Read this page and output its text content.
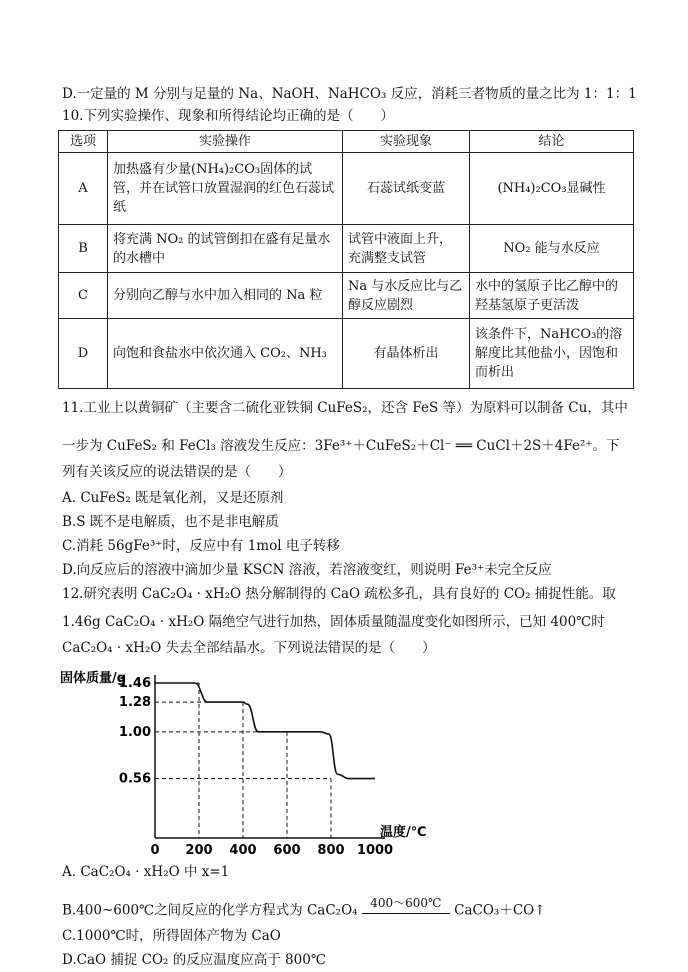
D.一定量的 M 分别与足量的 Na、NaOH、NaHCO₃ 反应，消耗三者物质的量之比为 1：1：1
10.下列实验操作、现象和所得结论均正确的是（　　）
选项	实验操作	实验现象	结论
A	加热盛有少量(NH₄)₂CO₃固体的试管，并在试管口放置湿润的红色石蕊试纸	石蕊试纸变蓝	(NH₄)₂CO₃显碱性
B	将充满 NO₂ 的试管倒扣在盛有足量水的水槽中	试管中液面上升，充满整支试管	NO₂ 能与水反应
C	分别向乙醇与水中加入相同的 Na 粒	Na 与水反应比与乙醇反应剧烈	水中的氢原子比乙醇中的羟基氢原子更活泼
D	向饱和食盐水中依次通入 CO₂、NH₃	有晶体析出	该条件下，NaHCO₃的溶解度比其他盐小，因饱和而析出
11.工业上以黄铜矿（主要含二硫化亚铁铜 CuFeS₂，还含 FeS 等）为原料可以制备 Cu，其中
一步为 CuFeS₂ 和 FeCl₃ 溶液发生反应：3Fe³⁺＋CuFeS₂＋Cl⁻ ══ CuCl＋2S＋4Fe²⁺。下
列有关该反应的说法错误的是（　　）
A. CuFeS₂ 既是氧化剂，又是还原剂
B.S 既不是电解质，也不是非电解质
C.消耗 56gFe³⁺时，反应中有 1mol 电子转移
D.向反应后的溶液中滴加少量 KSCN 溶液，若溶液变红，则说明 Fe³⁺未完全反应
12.研究表明 CaC₂O₄ · xH₂O 热分解制得的 CaO 疏松多孔，具有良好的 CO₂ 捕捉性能。取
1.46g CaC₂O₄ · xH₂O 隔绝空气进行加热，固体质量随温度变化如图所示，已知 400℃时
CaC₂O₄ · xH₂O 失去全部结晶水。下列说法错误的是（　　）
固体质量/g
温度/℃
0 200 400 600 800 1000
0.56
1.00
1.28
1.46
A. CaC₂O₄ · xH₂O 中 x=1
B.400~600℃之间反应的化学方程式为 CaC₂O₄	400～600℃ CaCO₃＋CO↑
C.1000℃时，所得固体产物为 CaO
D.CaO 捕捉 CO₂ 的反应温度应高于 800℃
